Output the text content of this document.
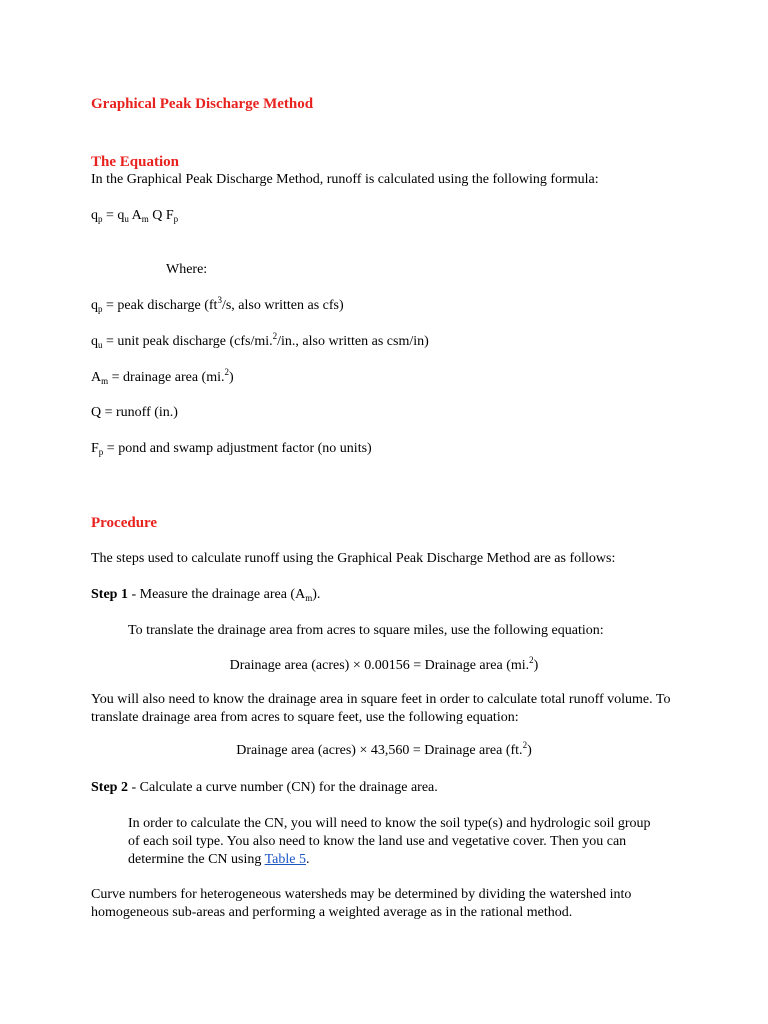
Graphical Peak Discharge Method
The Equation
In the Graphical Peak Discharge Method, runoff is calculated using the following formula:
$q_p = q_u$ $A_m$ Q $F_p$
Where:
$q_p$ = peak discharge ($ft^3/s$, also written as cfs)
$q_u$ = unit peak discharge (cfs/mi.$^2$/in., also written as csm/in)
$A_m$ = drainage area (mi.$^2$)
Q = runoff (in.)
$F_p$ = pond and swamp adjustment factor (no units)
Procedure
The steps used to calculate runoff using the Graphical Peak Discharge Method are as follows:
Step 1 - Measure the drainage area $(A_m)$.
To translate the drainage area from acres to square miles, use the following equation:
Drainage area (acres) × 0.00156 = Drainage area (mi.$^2$)
You will also need to know the drainage area in square feet in order to calculate total runoff volume. To translate drainage area from acres to square feet, use the following equation:
Drainage area (acres) × 43,560 = Drainage area (ft.$^2$)
Step 2 - Calculate a curve number (CN) for the drainage area.
In order to calculate the CN, you will need to know the soil type(s) and hydrologic soil group of each soil type. You also need to know the land use and vegetative cover. Then you can determine the CN using Table 5.
Curve numbers for heterogeneous watersheds may be determined by dividing the watershed into homogeneous sub-areas and performing a weighted average as in the rational method.
